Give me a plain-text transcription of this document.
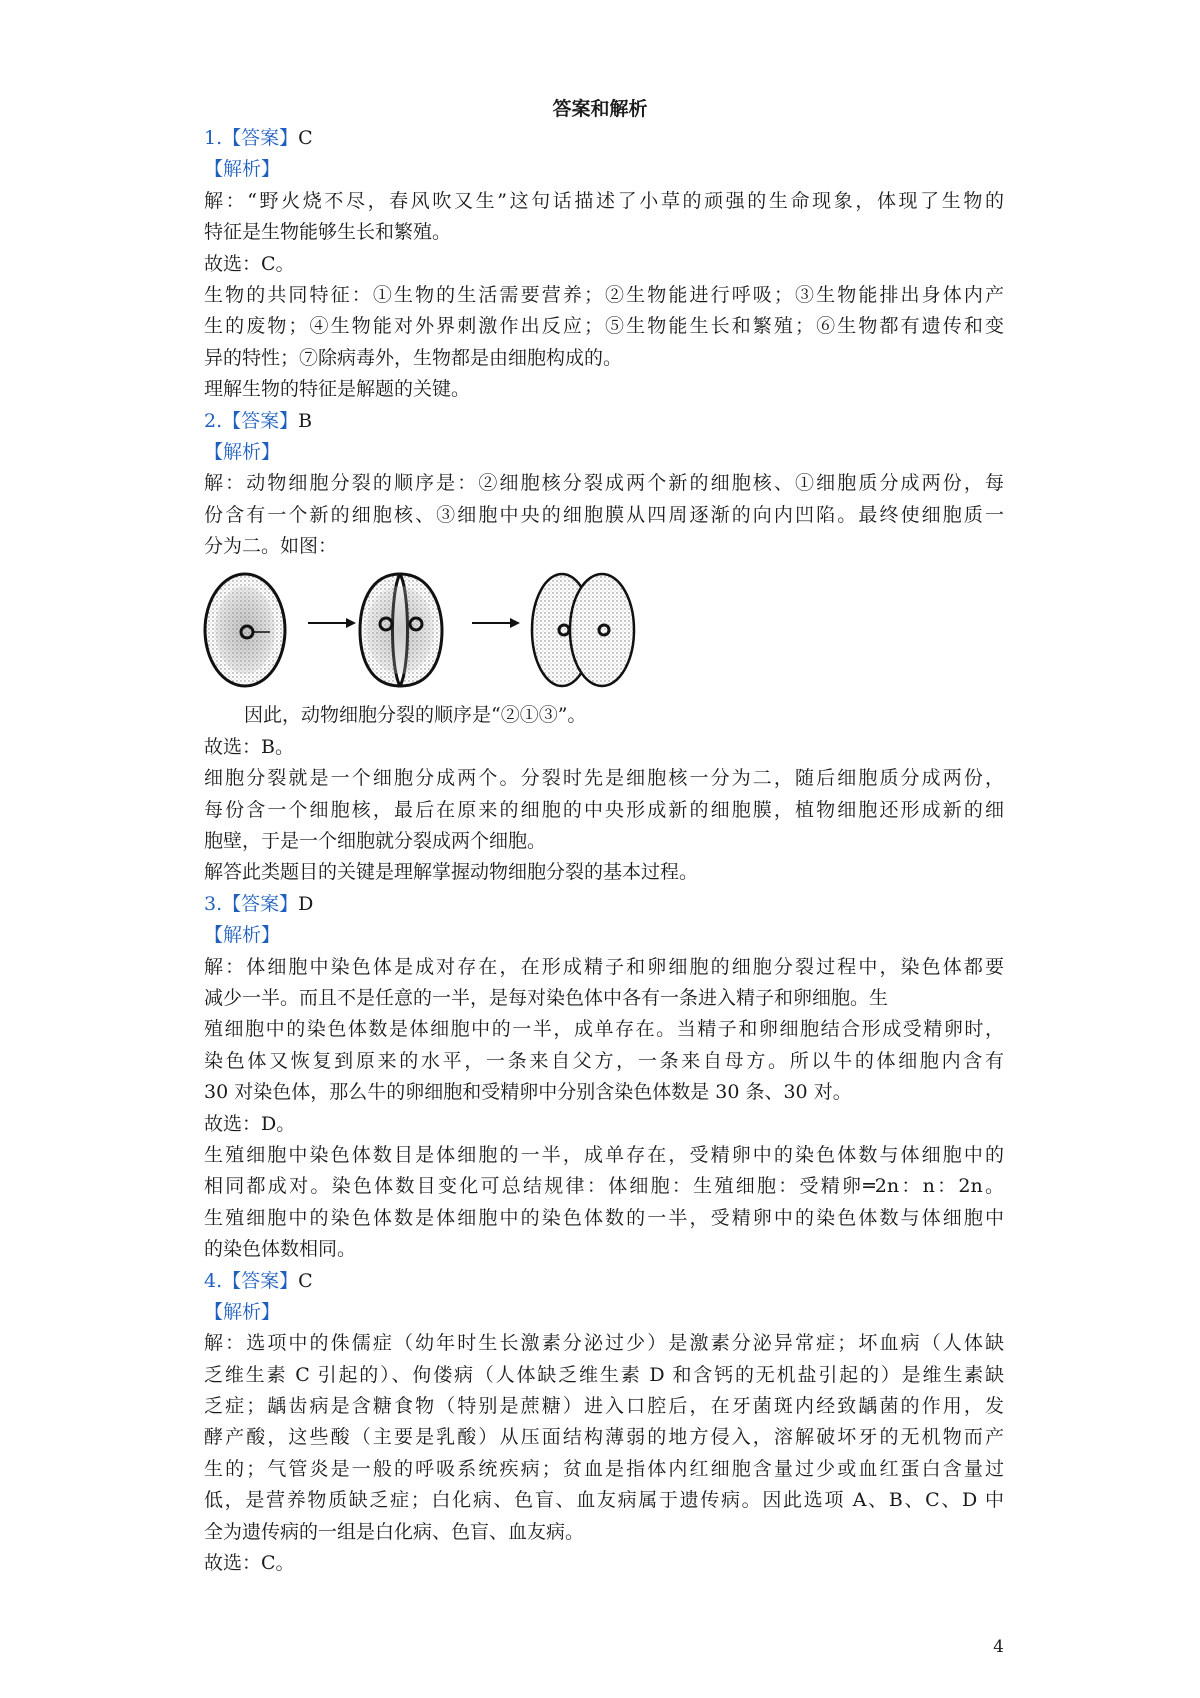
答案和解析
1.【答案】C
【解析】
解：“野火烧不尽，春风吹又生”这句话描述了小草的顽强的生命现象，体现了生物的
特征是生物能够生长和繁殖。
故选：C。
生物的共同特征：①生物的生活需要营养；②生物能进行呼吸；③生物能排出身体内产
生的废物；④生物能对外界刺激作出反应；⑤生物能生长和繁殖；⑥生物都有遗传和变
异的特性；⑦除病毒外，生物都是由细胞构成的。
理解生物的特征是解题的关键。
2.【答案】B
【解析】
解：动物细胞分裂的顺序是：②细胞核分裂成两个新的细胞核、①细胞质分成两份，每
份含有一个新的细胞核、③细胞中央的细胞膜从四周逐渐的向内凹陷。最终使细胞质一
分为二。如图：
因此，动物细胞分裂的顺序是“②①③”。
故选：B。
细胞分裂就是一个细胞分成两个。分裂时先是细胞核一分为二，随后细胞质分成两份，
每份含一个细胞核，最后在原来的细胞的中央形成新的细胞膜，植物细胞还形成新的细
胞壁，于是一个细胞就分裂成两个细胞。
解答此类题目的关键是理解掌握动物细胞分裂的基本过程。
3.【答案】D
【解析】
解：体细胞中染色体是成对存在，在形成精子和卵细胞的细胞分裂过程中，染色体都要
减少一半。而且不是任意的一半，是每对染色体中各有一条进入精子和卵细胞。生
殖细胞中的染色体数是体细胞中的一半，成单存在。当精子和卵细胞结合形成受精卵时，
染色体又恢复到原来的水平，一条来自父方，一条来自母方。所以牛的体细胞内含有
30 对染色体，那么牛的卵细胞和受精卵中分别含染色体数是 30 条、30 对。
故选：D。
生殖细胞中染色体数目是体细胞的一半，成单存在，受精卵中的染色体数与体细胞中的
相同都成对。染色体数目变化可总结规律：体细胞：生殖细胞：受精卵═2n：n：2n。
生殖细胞中的染色体数是体细胞中的染色体数的一半，受精卵中的染色体数与体细胞中
的染色体数相同。
4.【答案】C
【解析】
解：选项中的侏儒症（幼年时生长激素分泌过少）是激素分泌异常症；坏血病（人体缺
乏维生素 C 引起的）、佝偻病（人体缺乏维生素 D 和含钙的无机盐引起的）是维生素缺
乏症；龋齿病是含糖食物（特别是蔗糖）进入口腔后，在牙菌斑内经致龋菌的作用，发
酵产酸，这些酸（主要是乳酸）从压面结构薄弱的地方侵入，溶解破坏牙的无机物而产
生的；气管炎是一般的呼吸系统疾病；贫血是指体内红细胞含量过少或血红蛋白含量过
低，是营养物质缺乏症；白化病、色盲、血友病属于遗传病。因此选项 A、B、C、D 中
全为遗传病的一组是白化病、色盲、血友病。
故选：C。
4
